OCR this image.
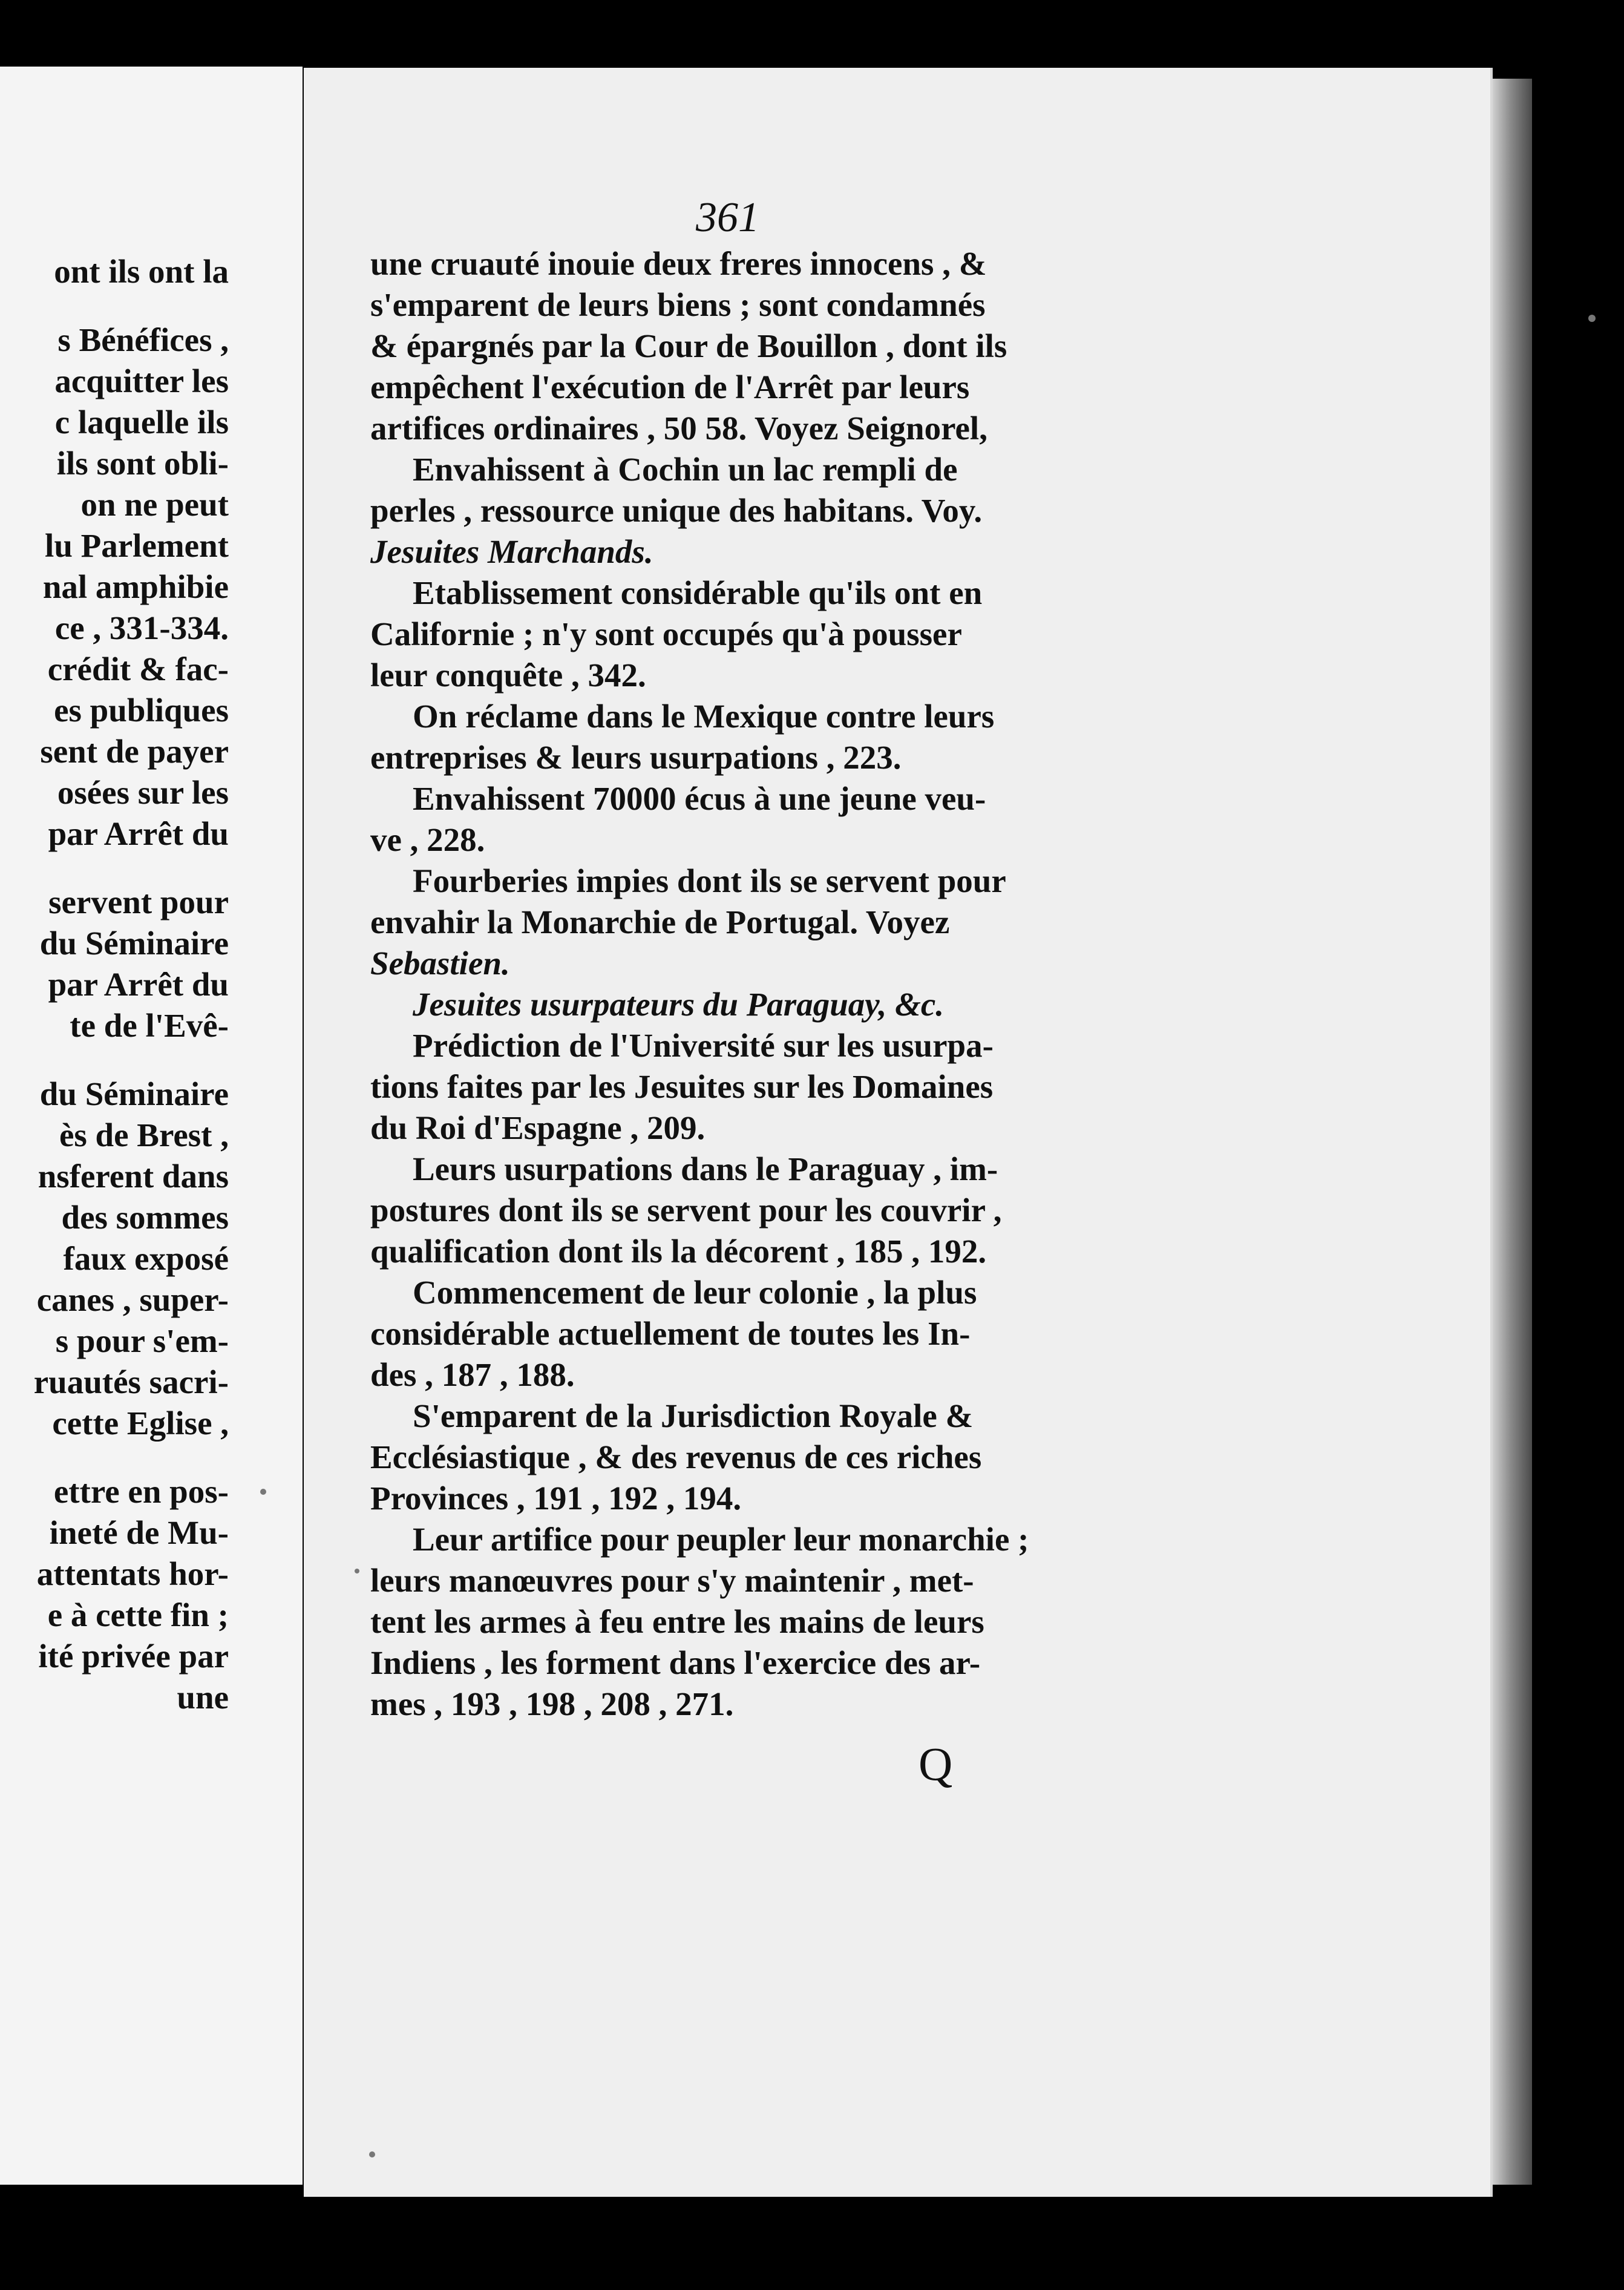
ont ils ont la
s Bénéfices ,
acquitter les
c laquelle ils
ils sont obli-
on ne peut
lu Parlement
nal amphibie
ce , 331-334.
crédit & fac-
es publiques
sent de payer
osées sur les
par Arrêt du
servent pour
du Séminaire
par Arrêt du
te de l'Evê-
du Séminaire
ès de Brest ,
nsferent dans
des sommes
faux exposé
canes , super-
s pour s'em-
ruautés sacri-
cette Eglise ,
ettre en pos-
ineté de Mu-
attentats hor-
e à cette fin ;
ité privée par
une
361
une cruauté inouie deux freres innocens , &
s'emparent de leurs biens ; sont condamnés
& épargnés par la Cour de Bouillon , dont ils
empêchent l'exécution de l'Arrêt par leurs
artifices ordinaires , 50 58. Voyez Seignorel,
Envahissent à Cochin un lac rempli de
perles , ressource unique des habitans. Voy.
Jesuites Marchands.
Etablissement considérable qu'ils ont en
Californie ; n'y sont occupés qu'à pousser
leur conquête , 342.
On réclame dans le Mexique contre leurs
entreprises & leurs usurpations , 223.
Envahissent 70000 écus à une jeune veu-
ve , 228.
Fourberies impies dont ils se servent pour
envahir la Monarchie de Portugal. Voyez
Sebastien.
Jesuites usurpateurs du Paraguay, &c.
Prédiction de l'Université sur les usurpa-
tions faites par les Jesuites sur les Domaines
du Roi d'Espagne , 209.
Leurs usurpations dans le Paraguay , im-
postures dont ils se servent pour les couvrir ,
qualification dont ils la décorent , 185 , 192.
Commencement de leur colonie , la plus
considérable actuellement de toutes les In-
des , 187 , 188.
S'emparent de la Jurisdiction Royale &
Ecclésiastique , & des revenus de ces riches
Provinces , 191 , 192 , 194.
Leur artifice pour peupler leur monarchie ;
leurs manœuvres pour s'y maintenir , met-
tent les armes à feu entre les mains de leurs
Indiens , les forment dans l'exercice des ar-
mes , 193 , 198 , 208 , 271.
Q
